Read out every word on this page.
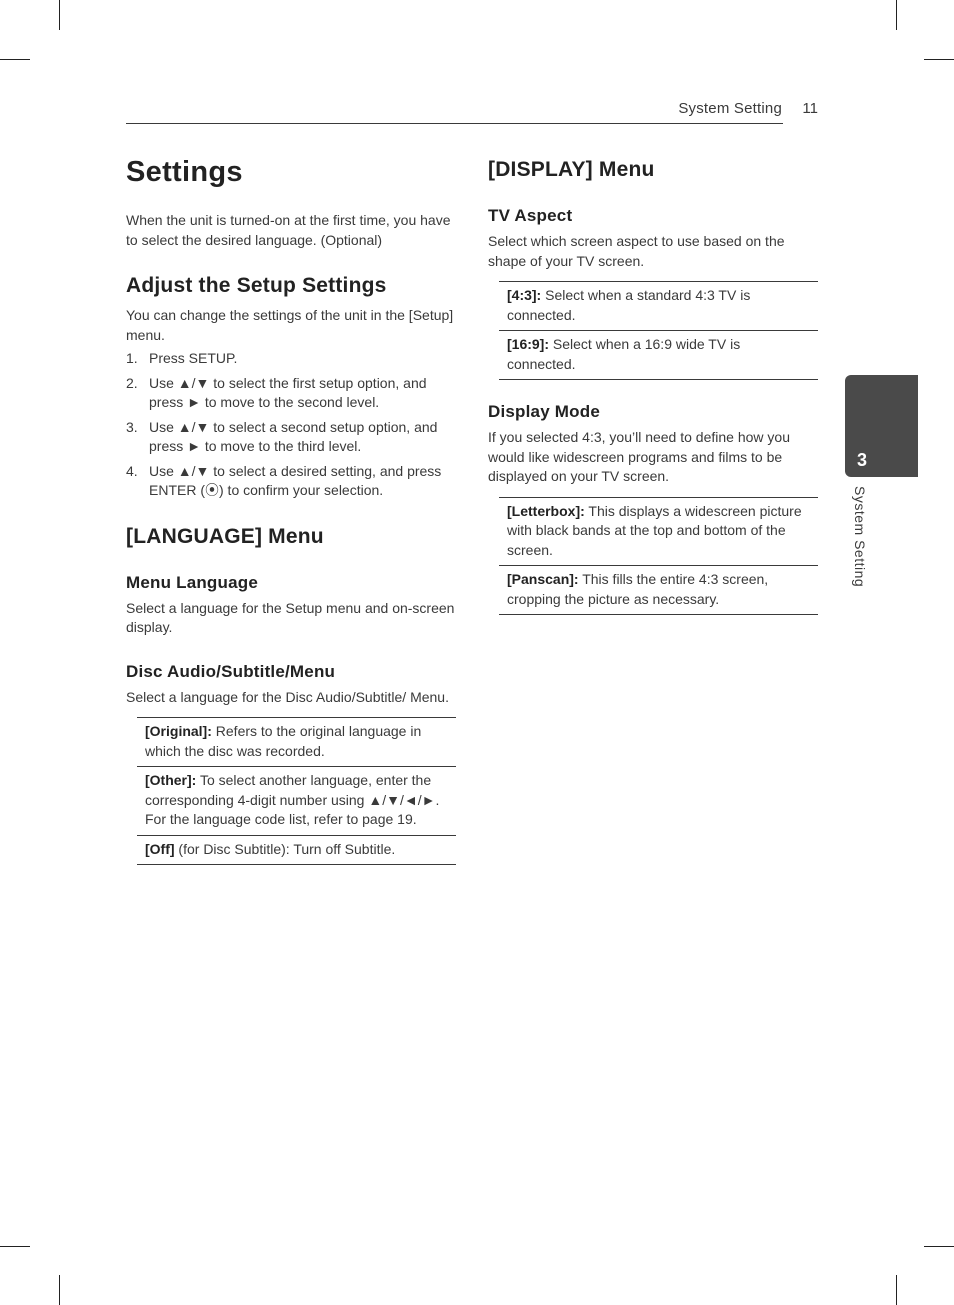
System Setting 11
Settings

When the unit is turned-on at the first time, you have to select the desired language. (Optional)

Adjust the Setup Settings

You can change the settings of the unit in the [Setup] menu.

1. Press SETUP.
2. Use ▲/▼ to select the first setup option, and press ► to move to the second level.
3. Use ▲/▼ to select a second setup option, and press ► to move to the third level.
4. Use ▲/▼ to select a desired setting, and press ENTER (⦿) to confirm your selection.
[LANGUAGE] Menu
Menu Language

Select a language for the Setup menu and on-screen display.

Disc Audio/Subtitle/Menu

Select a language for the Disc Audio/Subtitle/ Menu.

[Original]: Refers to the original language in which the disc was recorded.
[Other]: To select another language, enter the corresponding 4-digit number using ▲/▼/◄/►. For the language code list, refer to page 19.
[Off] (for Disc Subtitle): Turn off Subtitle.
[DISPLAY] Menu
TV Aspect

Select which screen aspect to use based on the shape of your TV screen.

[4:3]: Select when a standard 4:3 TV is connected.
[16:9]: Select when a 16:9 wide TV is connected.
Display Mode

If you selected 4:3, you’ll need to define how you would like widescreen programs and films to be displayed on your TV screen.

[Letterbox]: This displays a widescreen picture with black bands at the top and bottom of the screen.
[Panscan]: This fills the entire 4:3 screen, cropping the picture as necessary.
3
System Setting
